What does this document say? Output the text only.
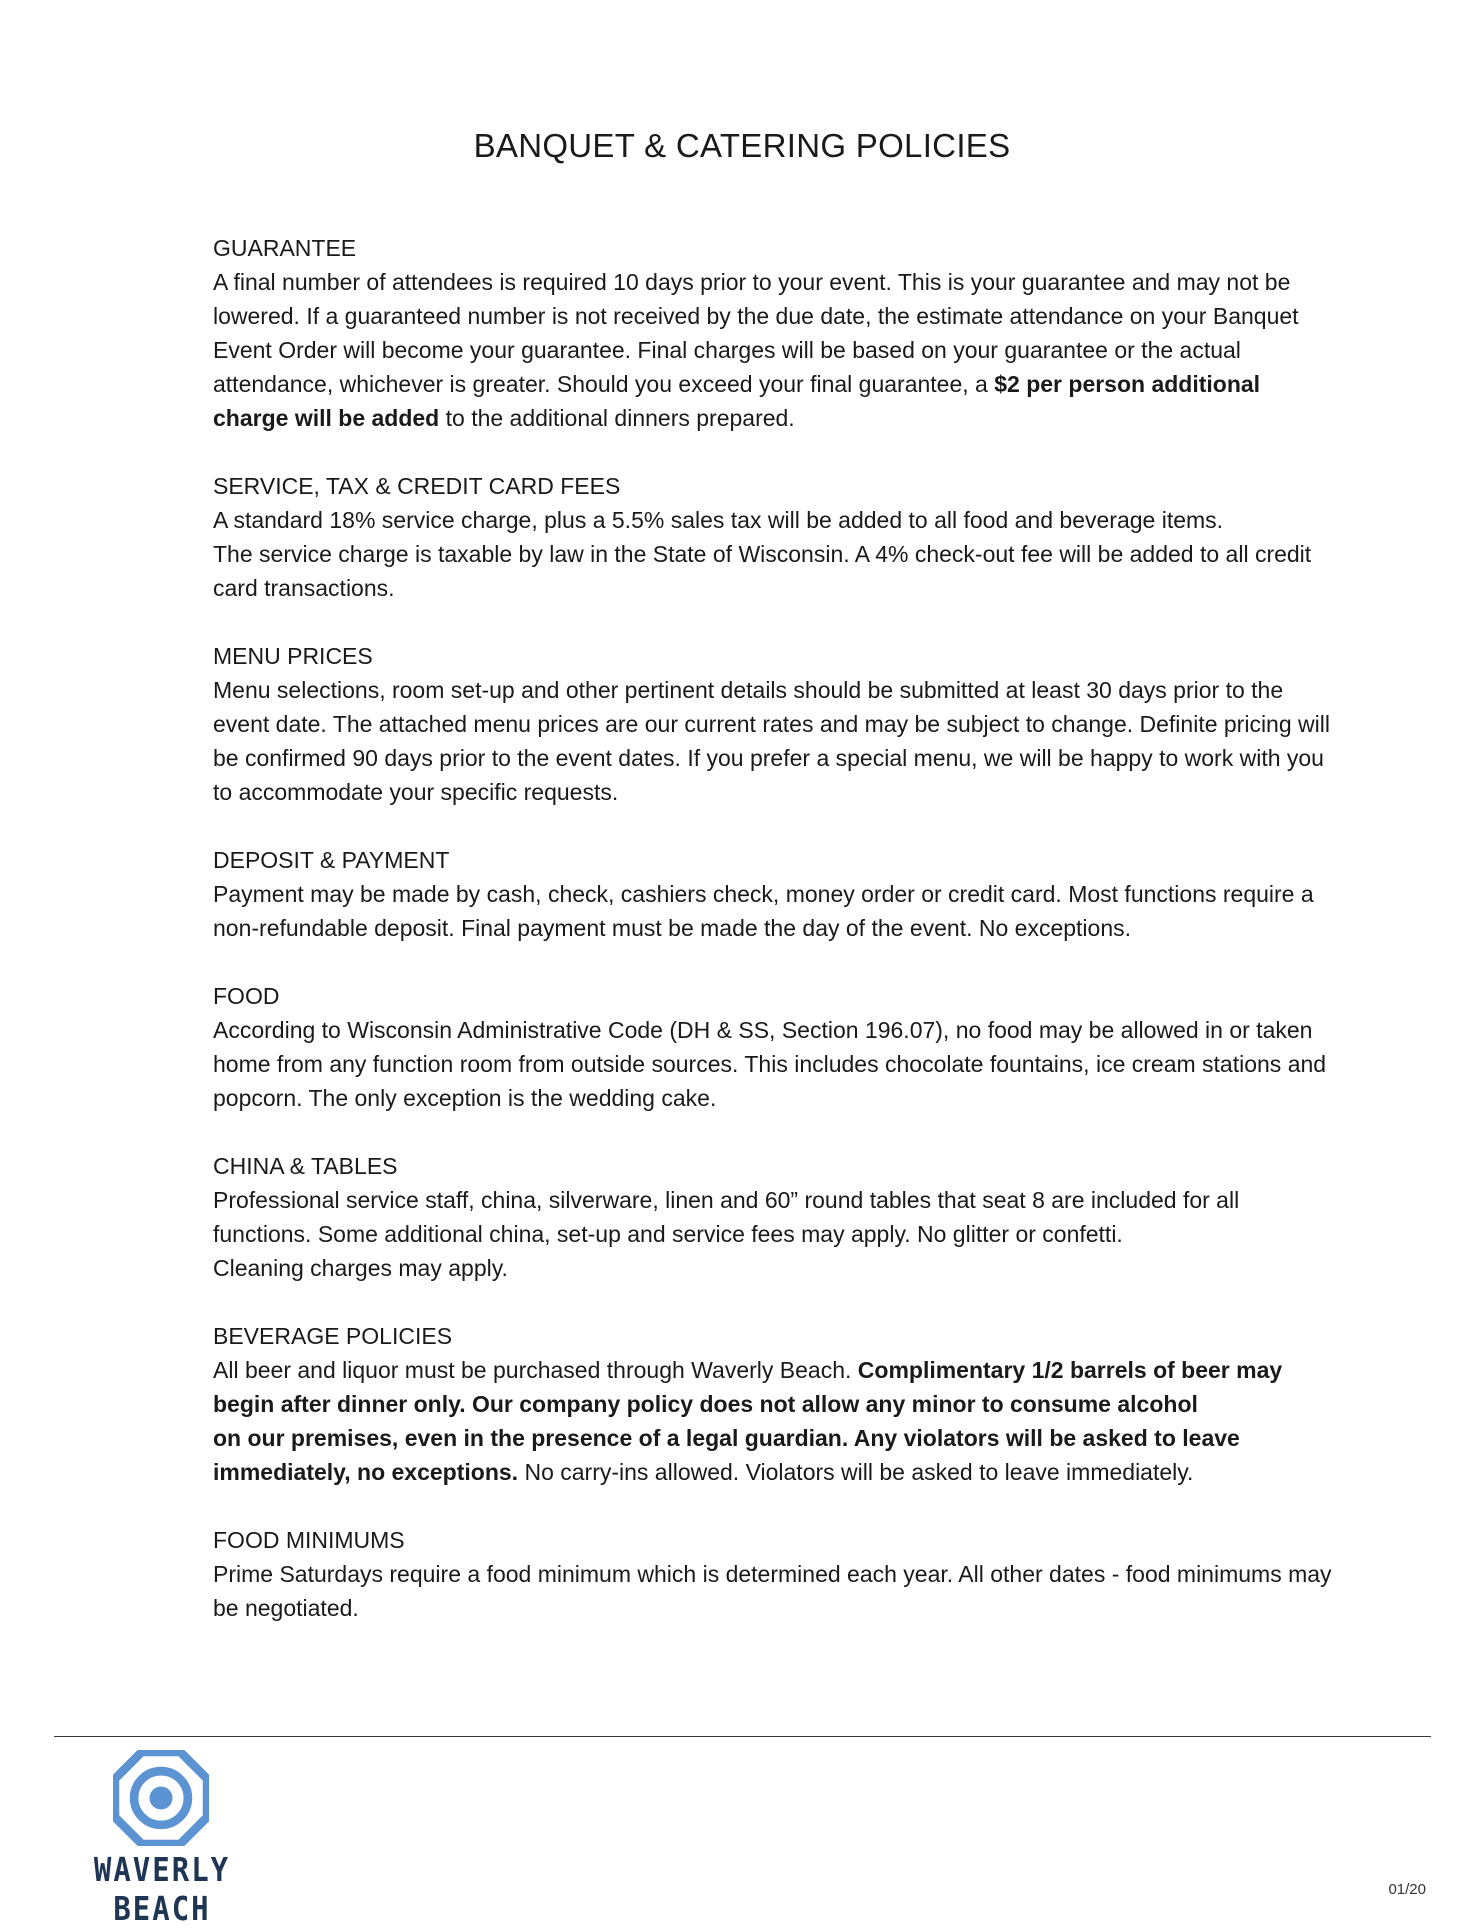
BANQUET & CATERING POLICIES
GUARANTEE

A final number of attendees is required 10 days prior to your event. This is your guarantee and may not be lowered. If a guaranteed number is not received by the due date, the estimate attendance on your Banquet Event Order will become your guarantee. Final charges will be based on your guarantee or the actual attendance, whichever is greater. Should you exceed your final guarantee, a $2 per person additional charge will be added to the additional dinners prepared.

SERVICE, TAX & CREDIT CARD FEES

A standard 18% service charge, plus a 5.5% sales tax will be added to all food and beverage items.
The service charge is taxable by law in the State of Wisconsin. A 4% check-out fee will be added to all credit card transactions.

MENU PRICES

Menu selections, room set-up and other pertinent details should be submitted at least 30 days prior to the event date. The attached menu prices are our current rates and may be subject to change. Definite pricing will be confirmed 90 days prior to the event dates. If you prefer a special menu, we will be happy to work with you to accommodate your specific requests.

DEPOSIT & PAYMENT

Payment may be made by cash, check, cashiers check, money order or credit card. Most functions require a non-refundable deposit. Final payment must be made the day of the event. No exceptions.

FOOD

According to Wisconsin Administrative Code (DH & SS, Section 196.07), no food may be allowed in or taken home from any function room from outside sources. This includes chocolate fountains, ice cream stations and popcorn. The only exception is the wedding cake.

CHINA & TABLES

Professional service staff, china, silverware, linen and 60” round tables that seat 8 are included for all functions. Some additional china, set-up and service fees may apply. No glitter or confetti.
Cleaning charges may apply.

BEVERAGE POLICIES

All beer and liquor must be purchased through Waverly Beach. Complimentary 1/2 barrels of beer may begin after dinner only. Our company policy does not allow any minor to consume alcohol
on our premises, even in the presence of a legal guardian. Any violators will be asked to leave immediately, no exceptions. No carry-ins allowed. Violators will be asked to leave immediately.

FOOD MINIMUMS

Prime Saturdays require a food minimum which is determined each year. All other dates - food minimums may be negotiated.

WAVERLY BEACH	01/20
